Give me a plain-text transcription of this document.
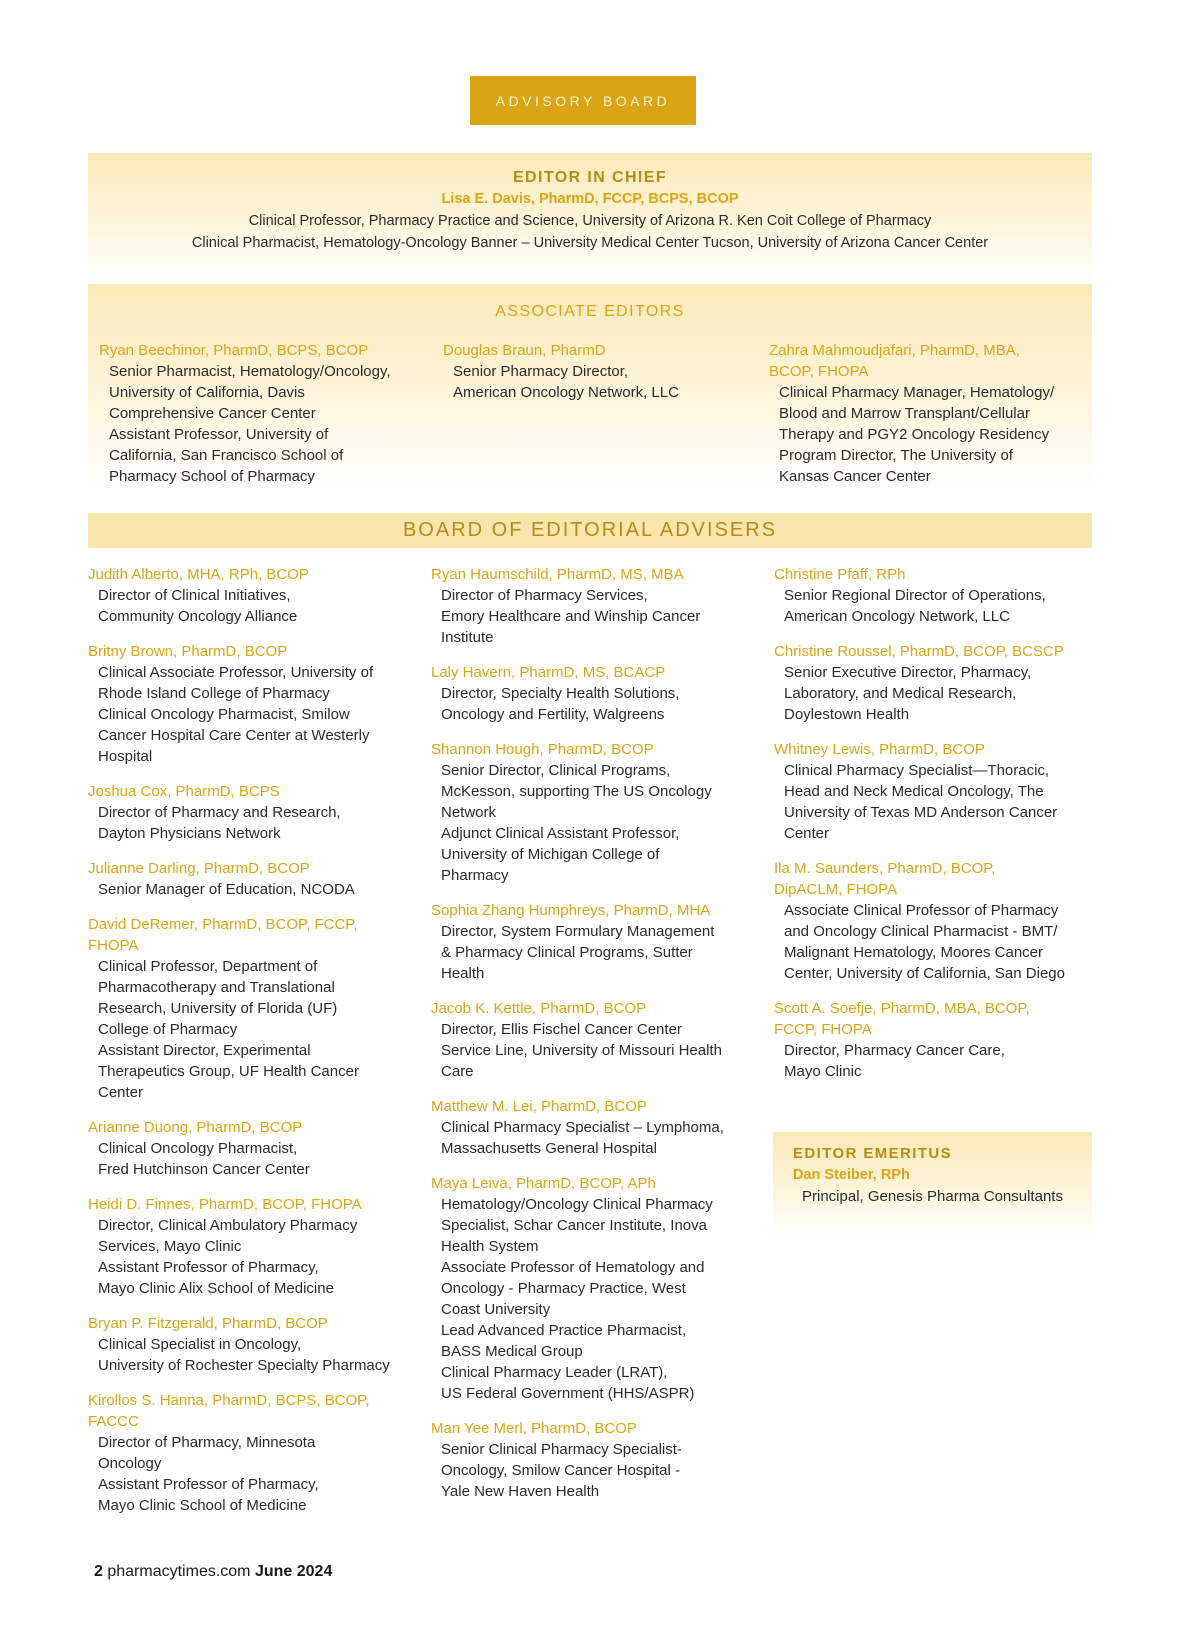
ADVISORY BOARD
EDITOR IN CHIEF
Lisa E. Davis, PharmD, FCCP, BCPS, BCOP
Clinical Professor, Pharmacy Practice and Science, University of Arizona R. Ken Coit College of Pharmacy
Clinical Pharmacist, Hematology-Oncology Banner – University Medical Center Tucson, University of Arizona Cancer Center
ASSOCIATE EDITORS
Ryan Beechinor, PharmD, BCPS, BCOP
Senior Pharmacist, Hematology/Oncology,
University of California, Davis
Comprehensive Cancer Center
Assistant Professor, University of
California, San Francisco School of
Pharmacy School of Pharmacy
Douglas Braun, PharmD
Senior Pharmacy Director,
American Oncology Network, LLC
Zahra Mahmoudjafari, PharmD, MBA,
BCOP, FHOPA
Clinical Pharmacy Manager, Hematology/
Blood and Marrow Transplant/Cellular
Therapy and PGY2 Oncology Residency
Program Director, The University of
Kansas Cancer Center
BOARD OF EDITORIAL ADVISERS
Judith Alberto, MHA, RPh, BCOP
Director of Clinical Initiatives,
Community Oncology Alliance
Britny Brown, PharmD, BCOP
Clinical Associate Professor, University of
Rhode Island College of Pharmacy
Clinical Oncology Pharmacist, Smilow
Cancer Hospital Care Center at Westerly
Hospital
Joshua Cox, PharmD, BCPS
Director of Pharmacy and Research,
Dayton Physicians Network
Julianne Darling, PharmD, BCOP
Senior Manager of Education, NCODA
David DeRemer, PharmD, BCOP, FCCP,
FHOPA
Clinical Professor, Department of
Pharmacotherapy and Translational
Research, University of Florida (UF)
College of Pharmacy
Assistant Director, Experimental
Therapeutics Group, UF Health Cancer
Center
Arianne Duong, PharmD, BCOP
Clinical Oncology Pharmacist,
Fred Hutchinson Cancer Center
Heidi D. Finnes, PharmD, BCOP, FHOPA
Director, Clinical Ambulatory Pharmacy
Services, Mayo Clinic
Assistant Professor of Pharmacy,
Mayo Clinic Alix School of Medicine
Bryan P. Fitzgerald, PharmD, BCOP
Clinical Specialist in Oncology,
University of Rochester Specialty Pharmacy
Kirollos S. Hanna, PharmD, BCPS, BCOP,
FACCC
Director of Pharmacy, Minnesota
Oncology
Assistant Professor of Pharmacy,
Mayo Clinic School of Medicine
Ryan Haumschild, PharmD, MS, MBA
Director of Pharmacy Services,
Emory Healthcare and Winship Cancer
Institute
Laly Havern, PharmD, MS, BCACP
Director, Specialty Health Solutions,
Oncology and Fertility, Walgreens
Shannon Hough, PharmD, BCOP
Senior Director, Clinical Programs,
McKesson, supporting The US Oncology
Network
Adjunct Clinical Assistant Professor,
University of Michigan College of
Pharmacy
Sophia Zhang Humphreys, PharmD, MHA
Director, System Formulary Management
& Pharmacy Clinical Programs, Sutter
Health
Jacob K. Kettle, PharmD, BCOP
Director, Ellis Fischel Cancer Center
Service Line, University of Missouri Health
Care
Matthew M. Lei, PharmD, BCOP
Clinical Pharmacy Specialist – Lymphoma,
Massachusetts General Hospital
Maya Leiva, PharmD, BCOP, APh
Hematology/Oncology Clinical Pharmacy
Specialist, Schar Cancer Institute, Inova
Health System
Associate Professor of Hematology and
Oncology - Pharmacy Practice, West
Coast University
Lead Advanced Practice Pharmacist,
BASS Medical Group
Clinical Pharmacy Leader (LRAT),
US Federal Government (HHS/ASPR)
Man Yee Merl, PharmD, BCOP
Senior Clinical Pharmacy Specialist-
Oncology, Smilow Cancer Hospital -
Yale New Haven Health
Christine Pfaff, RPh
Senior Regional Director of Operations,
American Oncology Network, LLC
Christine Roussel, PharmD, BCOP, BCSCP
Senior Executive Director, Pharmacy,
Laboratory, and Medical Research,
Doylestown Health
Whitney Lewis, PharmD, BCOP
Clinical Pharmacy Specialist—Thoracic,
Head and Neck Medical Oncology, The
University of Texas MD Anderson Cancer
Center
Ila M. Saunders, PharmD, BCOP,
DipACLM, FHOPA
Associate Clinical Professor of Pharmacy
and Oncology Clinical Pharmacist - BMT/
Malignant Hematology, Moores Cancer
Center, University of California, San Diego
Scott A. Soefje, PharmD, MBA, BCOP,
FCCP, FHOPA
Director, Pharmacy Cancer Care,
Mayo Clinic
EDITOR EMERITUS
Dan Steiber, RPh
Principal, Genesis Pharma Consultants
2 pharmacytimes.com June 2024
